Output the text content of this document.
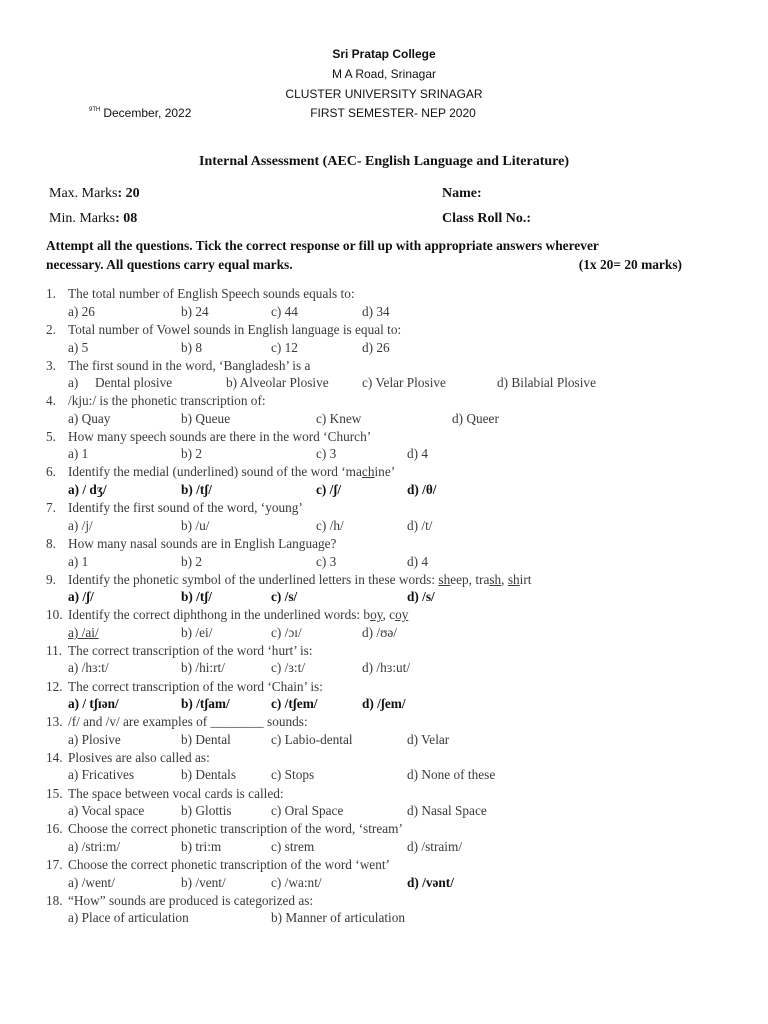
Sri Pratap College
M A Road, Srinagar
CLUSTER UNIVERSITY SRINAGAR
FIRST SEMESTER- NEP 2020
$^{9TH}$ December, 2022
Internal Assessment (AEC- English Language and Literature)
Max. Marks: 20	Name:
Min. Marks: 08	Class Roll No.:
Attempt all the questions. Tick the correct response or fill up with appropriate answers wherever
necessary. All questions carry equal marks.	(1x 20= 20 marks)
1. The total number of English Speech sounds equals to:
a) 26	b) 24	c) 44	d) 34
2. Total number of Vowel sounds in English language is equal to:
a) 5	b) 8	c) 12	d) 26
3. The first sound in the word, ‘Bangladesh’ is a
a)     Dental plosive	b) Alveolar Plosive	c) Velar Plosive	d) Bilabial Plosive
4. /kju:/ is the phonetic transcription of:
a) Quay	b) Queue	c) Knew	d) Queer
5. How many speech sounds are there in the word ‘Church’
a) 1	b) 2	c) 3	d) 4
6. Identify the medial (underlined) sound of the word ‘machine’
a) / dʒ/	b) /tʃ/	c) /ʃ/	d) /θ/
7. Identify the first sound of the word, ‘young’
a) /j/	b) /u/	c) /h/	d) /t/
8. How many nasal sounds are in English Language?
a) 1	b) 2	c) 3	d) 4
9. Identify the phonetic symbol of the underlined letters in these words: sheep, trash, shirt
a) /ʃ/	b) /tʃ/	c) /s/	d) /s/
10. Identify the correct diphthong in the underlined words: boy, coy
a) /ai/	b) /ei/	c) /ɔɪ/	d) /ʊə/
11. The correct transcription of the word ‘hurt’ is:
a) /hɜ:t/	b) /hi:rt/	c) /ɜ:t/	d) /hɜ:ut/
12. The correct transcription of the word ‘Chain’ is:
a) / tʃɪən/	b) /tʃam/	c) /tʃem/	d) /ʃem/
13. /f/ and /v/ are examples of ________ sounds:
a) Plosive	b) Dental	c) Labio-dental	d) Velar
14. Plosives are also called as:
a) Fricatives	b) Dentals	c) Stops	d) None of these
15. The space between vocal cards is called:
a) Vocal space	b) Glottis	c) Oral Space	d) Nasal Space
16. Choose the correct phonetic transcription of the word, ‘stream’
a) /stri:m/	b) tri:m	c) strem	d) /straim/
17. Choose the correct phonetic transcription of the word ‘went’
a) /went/	b) /vent/	c) /wa:nt/	d) /vənt/
18. “How” sounds are produced is categorized as:
a) Place of articulation	b) Manner of articulation
